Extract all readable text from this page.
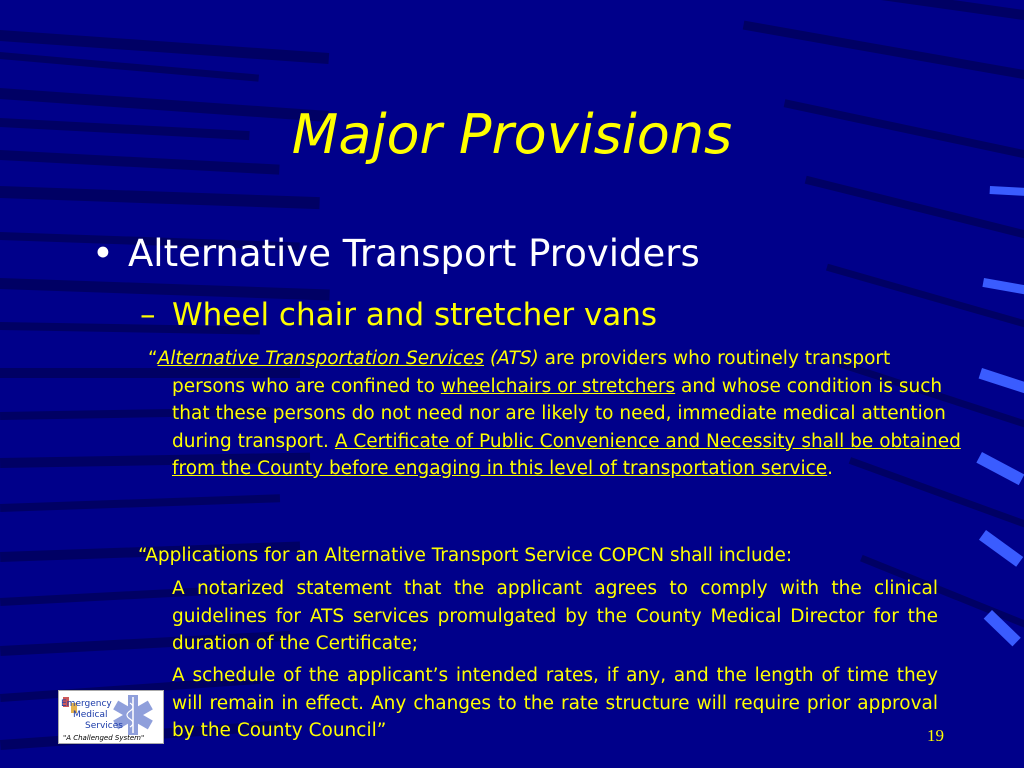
Major Provisions
• Alternative Transport Providers
– Wheel chair and stretcher vans
“Alternative Transportation Services (ATS) are providers who routinely transport persons who are confined to wheelchairs or stretchers and whose condition is such that these persons do not need nor are likely to need, immediate medical attention during transport. A Certificate of Public Convenience and Necessity shall be obtained from the County before engaging in this level of transportation service.
“Applications for an Alternative Transport Service COPCN shall include:
A notarized statement that the applicant agrees to comply with the clinical guidelines for ATS services promulgated by the County Medical Director for the duration of the Certificate;
A schedule of the applicant’s intended rates, if any, and the length of time they will remain in effect. Any changes to the rate structure will require prior approval by the County Council”
Emergency
Medical
Services
"A Challenged System"	19
